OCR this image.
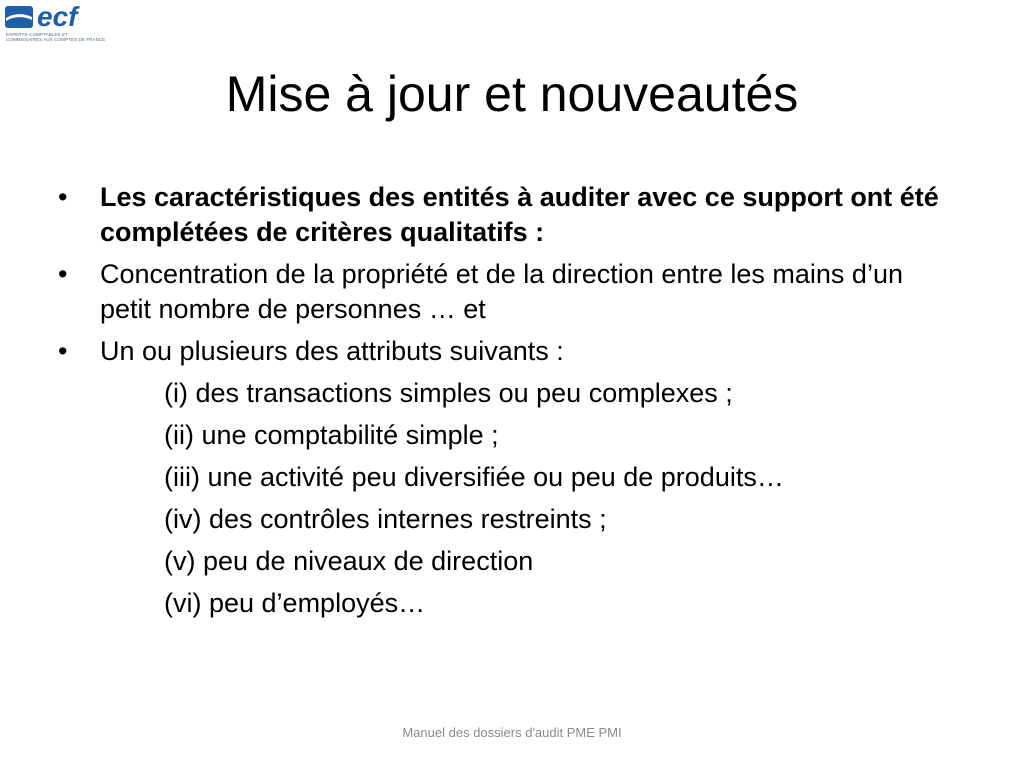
ecf
EXPERTS-COMPTABLES ET
COMMISSAIRES AUX COMPTES DE FRANCE
Mise à jour et nouveautés
•	Les caractéristiques des entités à auditer avec ce support ont été complétées de critères qualitatifs :
•	Concentration de la propriété et de la direction entre les mains d’un petit nombre de personnes … et
•	Un ou plusieurs des attributs suivants :
(i) des transactions simples ou peu complexes ;
(ii) une comptabilité simple ;
(iii) une activité peu diversifiée ou peu de produits…
(iv) des contrôles internes restreints ;
(v) peu de niveaux de direction
(vi) peu d’employés…
Manuel des dossiers d'audit PME PMI
